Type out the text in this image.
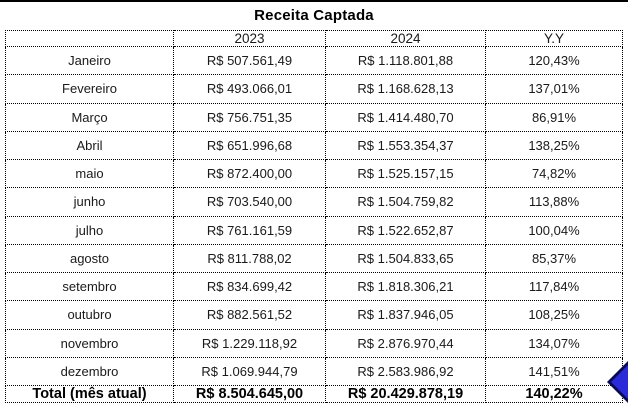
Receita Captada
	2023	2024	Y.Y
Janeiro	R$ 507.561,49	R$ 1.118.801,88	120,43%
Fevereiro	R$ 493.066,01	R$ 1.168.628,13	137,01%
Março	R$ 756.751,35	R$ 1.414.480,70	86,91%
Abril	R$ 651.996,68	R$ 1.553.354,37	138,25%
maio	R$ 872.400,00	R$ 1.525.157,15	74,82%
junho	R$ 703.540,00	R$ 1.504.759,82	113,88%
julho	R$ 761.161,59	R$ 1.522.652,87	100,04%
agosto	R$ 811.788,02	R$ 1.504.833,65	85,37%
setembro	R$ 834.699,42	R$ 1.818.306,21	117,84%
outubro	R$ 882.561,52	R$ 1.837.946,05	108,25%
novembro	R$ 1.229.118,92	R$ 2.876.970,44	134,07%
dezembro	R$ 1.069.944,79	R$ 2.583.986,92	141,51%
Total (mês atual)	R$ 8.504.645,00	R$ 20.429.878,19	140,22%
